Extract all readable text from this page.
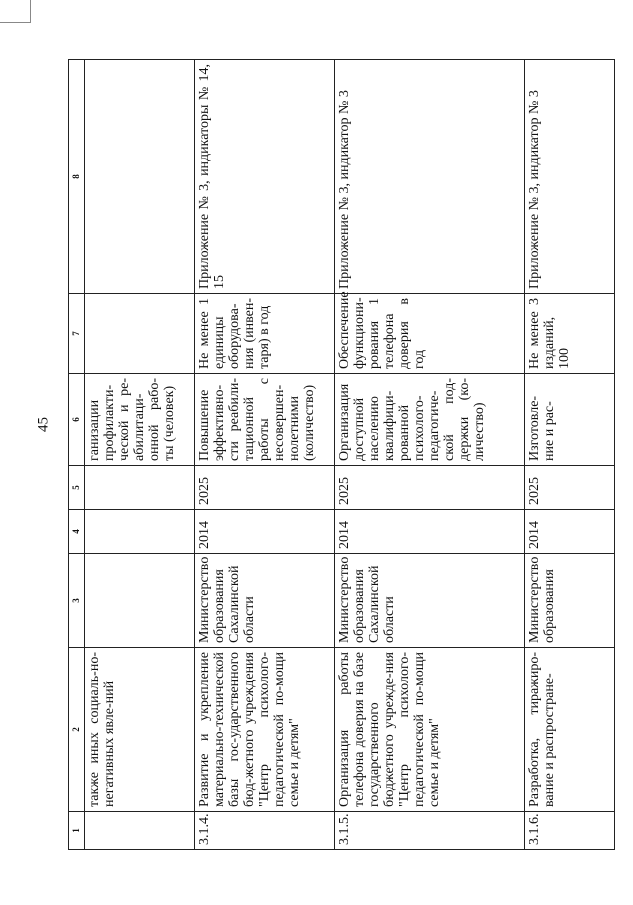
45
1	2	3	4	5	6	7	8
	также иных социаль-но-негативных явле-ний				ганизации профилакти-ческой и ре-абилитаци-онной рабо-ты (человек)		
3.1.4.	Развитие и укрепление материально-технической базы гос-ударственного бюд-жетного учреждения "Центр психолого-педагогической по-мощи семье и детям"	Министерство образования Сахалинской области	2014	2025	Повышение эффективно-сти реабили-тационной работы с несовершен-нолетними (количество)	Не менее 1 единицы оборудова-ния (инвен-таря) в год	Приложение № 3, индикаторы № 14, 15
3.1.5.	Организация работы телефона доверия на базе государственного бюджетного учрежде-ния "Центр психолого-педагогической по-мощи семье и детям"	Министерство образования Сахалинской области	2014	2025	Организация доступной населению квалифици-рованной психолого-педагогиче-ской под-держки (ко-личество)	Обеспечение функциони-рования 1 телефона доверия в год	Приложение № 3, индикатор № 3
3.1.6.	Разработка, тиражиро-вание и распростране-	Министерство образования	2014	2025	Изготовле-ние и рас-	Не менее 3 изданий, 100	Приложение № 3, индикатор № 3
